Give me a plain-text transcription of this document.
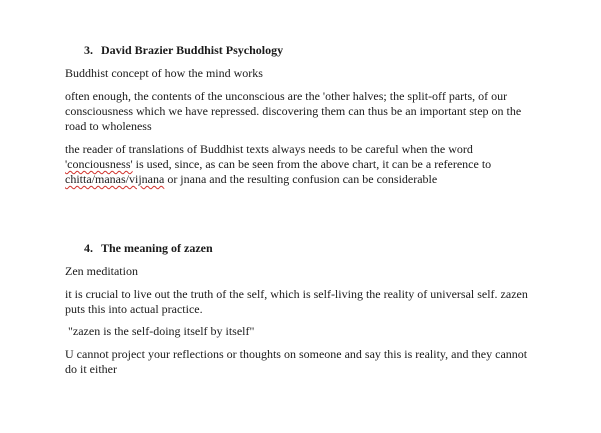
3. David Brazier Buddhist Psychology

Buddhist concept of how the mind works

often enough, the contents of the unconscious are the 'other halves; the split-off parts, of our consciousness which we have repressed. discovering them can thus be an important step on the road to wholeness

the reader of translations of Buddhist texts always needs to be careful when the word 'conciousness' is used, since, as can be seen from the above chart, it can be a reference to chitta/manas/vijnana or jnana and the resulting confusion can be considerable

4. The meaning of zazen

Zen meditation

it is crucial to live out the truth of the self, which is self-living the reality of universal self. zazen puts this into actual practice.

"zazen is the self-doing itself by itself"

U cannot project your reflections or thoughts on someone and say this is reality, and they cannot do it either
